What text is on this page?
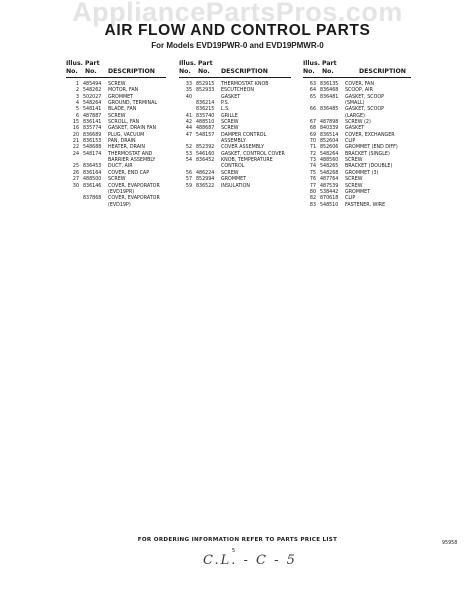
AppliancePartsPros.com
AIR FLOW AND CONTROL PARTS
For Models EVD19PWR-0 and EVD19PMWR-0
Illus. Part
No. No. DESCRIPTION
1 485494 SCREW
2 548262 MOTOR, FAN
3 502027 GROMMET
4 548264 GROUND, TERMINAL
5 548141 BLADE, FAN
6 487887 SCREW
15 836141 SCROLL, FAN
16 835774 GASKET, DRAIN FAN
20 836689 PLUG, VACUUM
21 836153 PAN, DRAIN
22 548688 HEATER, DRAIN
24 548174 THERMOSTAT AND
BARRIER ASSEMBLY
25 836453 DUCT, AIR
26 836164 COVER, END CAP
27 488500 SCREW
30 836146 COVER, EVAPORATOR
(EVD19PR)
837868 COVER, EVAPORATOR
(EVD19P)
Illus. Part
No. No. DESCRIPTION
33 852915 THERMOSTAT KNOB
35 852933 ESCUTCHEON
40	GASKET
836214 P.S.
836215 L.S.
41 835740 GRILLE
42 488510 SCREW
44 488687 SCREW
47 548157 DAMPER CONTROL
ASSEMBLY
52 852392 COVER ASSEMBLY
53 546160 GASKET, CONTROL COVER
54 836452 KNOB, TEMPERATURE
CONTROL
56 486224 SCREW
57 852994 GROMMET
59 836522 INSULATION
Illus. Part
No. No.	DESCRIPTION
63 836135 COVER, FAN
64 836468 SCOOP, AIR
65 836481 GASKET, SCOOP
(SMALL)
66 836485 GASKET, SCOOP
(LARGE)
67 487898 SCREW (2)
68 840339 GASKET
69 836514 COVER, EXCHANGER
70 852604 CLIP
71 852606 GROMMET (END DIFF)
72 548264 BRACKET (SINGLE)
73 488560 SCREW
74 548265 BRACKET (DOUBLE)
75 548268 GROMMET (3)
76 487764 SCREW
77 487539 SCREW
80 538442 GROMMET
82 870618 CLIP
83 548510 FASTENER, WIRE
FOR ORDERING INFORMATION REFER TO PARTS PRICE LIST
5
95958
C.L. - C - 5
